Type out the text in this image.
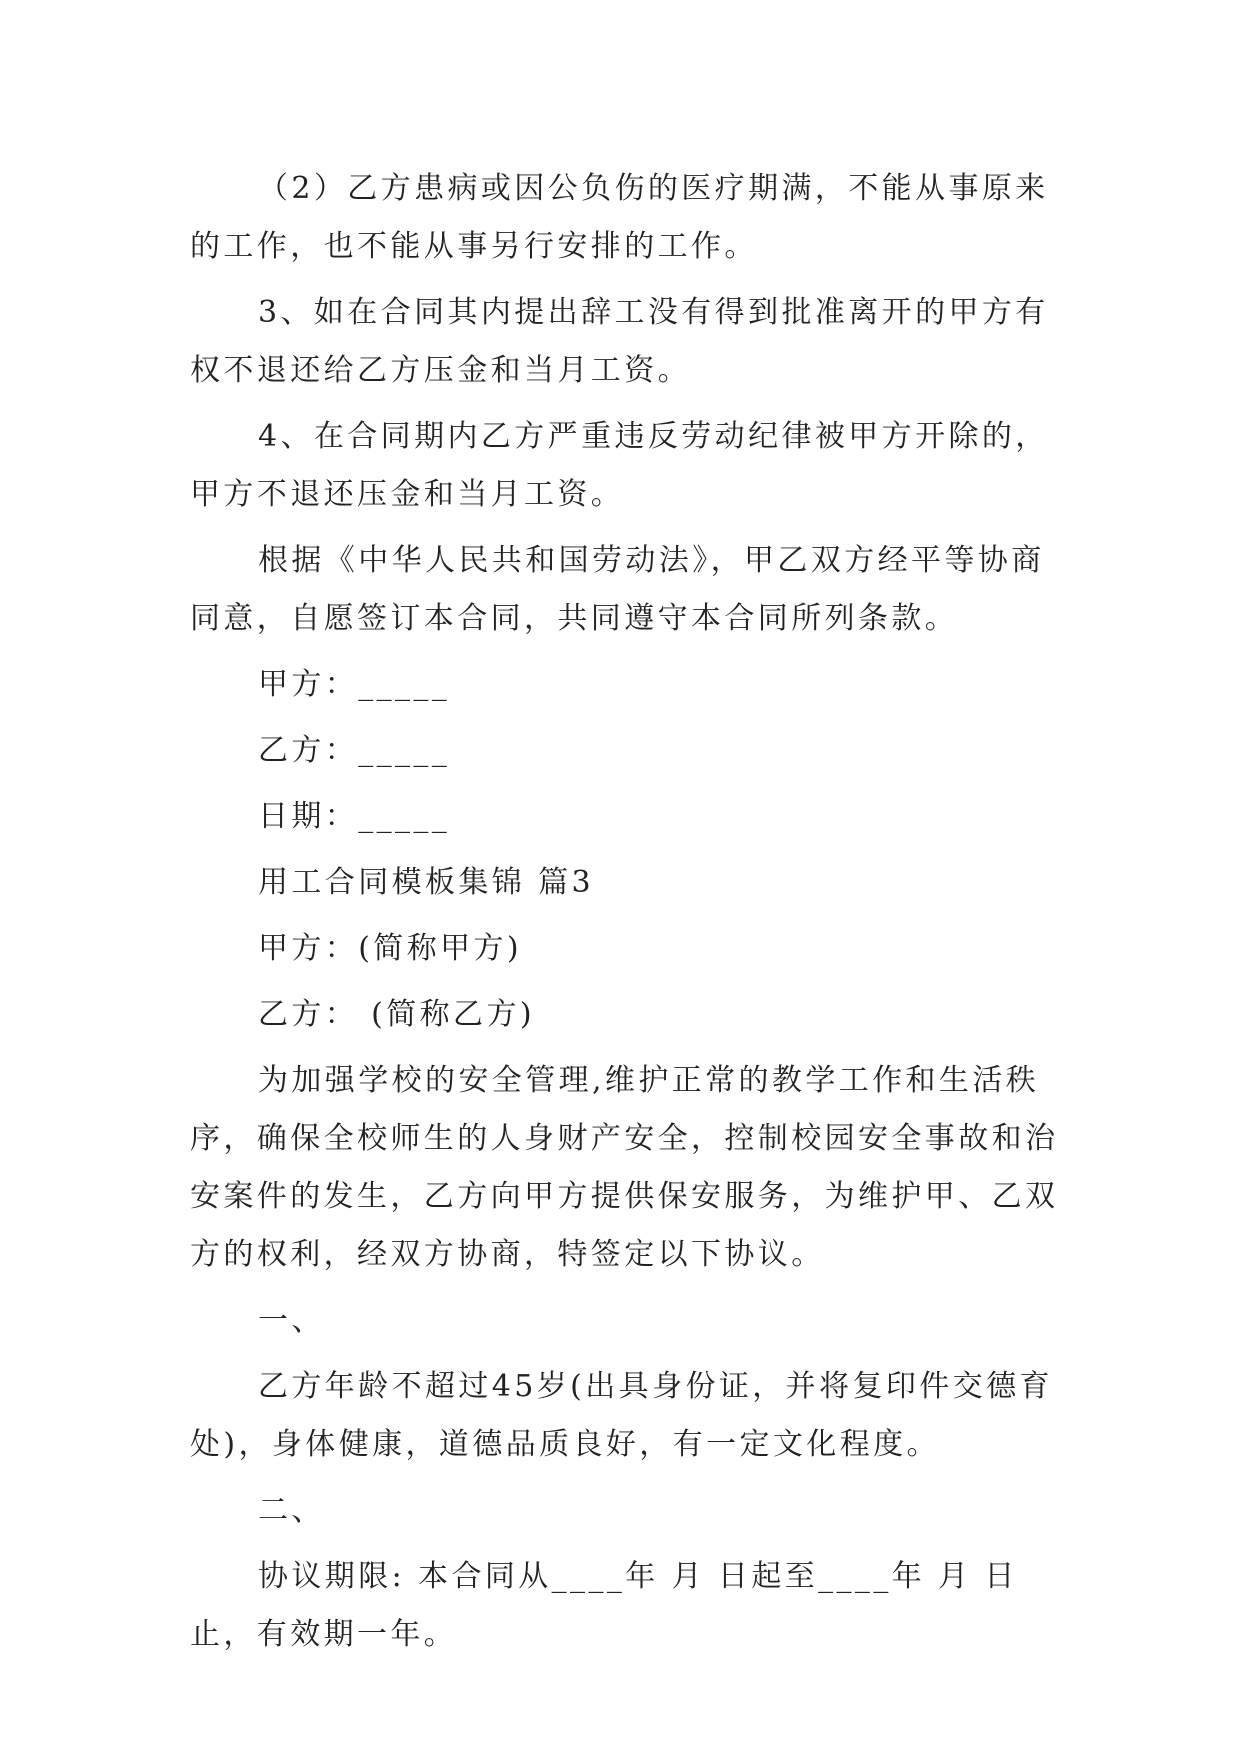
（2）乙方患病或因公负伤的医疗期满，不能从事原来的工作，也不能从事另行安排的工作。

3、如在合同其内提出辞工没有得到批准离开的甲方有权不退还给乙方压金和当月工资。

4、在合同期内乙方严重违反劳动纪律被甲方开除的，甲方不退还压金和当月工资。

根据《中华人民共和国劳动法》，甲乙双方经平等协商同意，自愿签订本合同，共同遵守本合同所列条款。

甲方：_____

乙方：_____

日期：_____

用工合同模板集锦 篇3

甲方：(简称甲方)

乙方： (简称乙方)

为加强学校的安全管理,维护正常的教学工作和生活秩序，确保全校师生的人身财产安全，控制校园安全事故和治安案件的发生，乙方向甲方提供保安服务，为维护甲、乙双方的权利，经双方协商，特签定以下协议。

一、

乙方年龄不超过45岁(出具身份证，并将复印件交德育处)，身体健康，道德品质良好，有一定文化程度。

二、

协议期限: 本合同从____年 月 日起至____年 月 日止，有效期一年。
